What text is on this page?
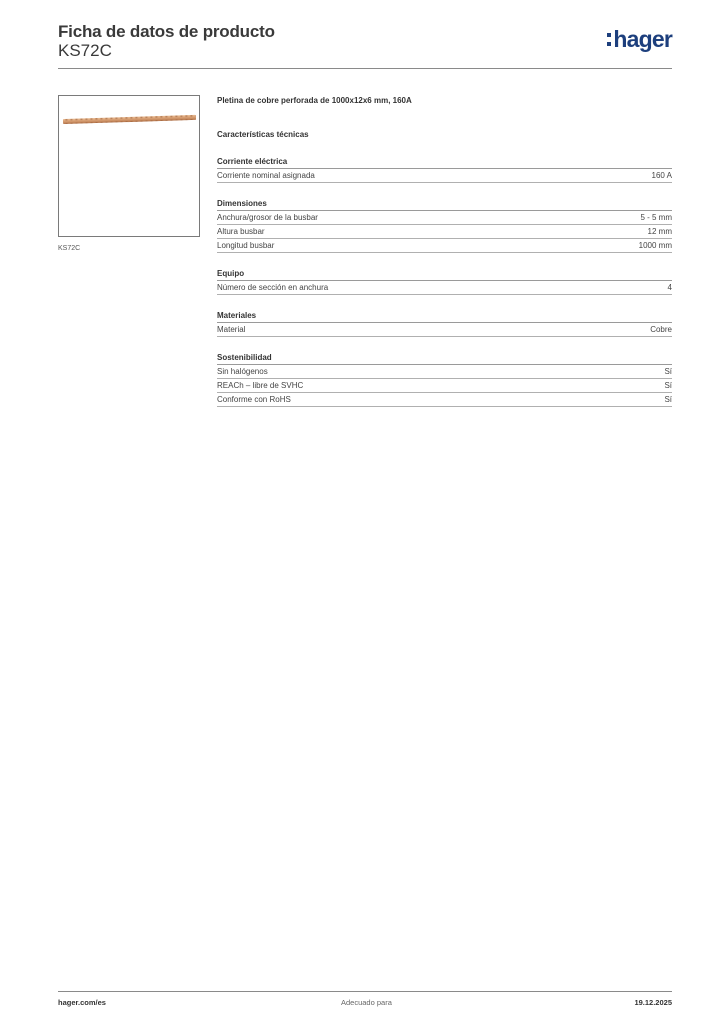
Ficha de datos de producto
KS72C	hager
KS72C
Pletina de cobre perforada de 1000x12x6 mm, 160A
Características técnicas
Corriente eléctrica
Corriente nominal asignada	160 A
Dimensiones
Anchura/grosor de la busbar	5 - 5 mm
Altura busbar	12 mm
Longitud busbar	1000 mm
Equipo
Número de sección en anchura	4
Materiales
Material	Cobre
Sostenibilidad
Sin halógenos	Sí
REACh – libre de SVHC	Sí
Conforme con RoHS	Sí
hager.com/es	Adecuado para	19.12.2025
